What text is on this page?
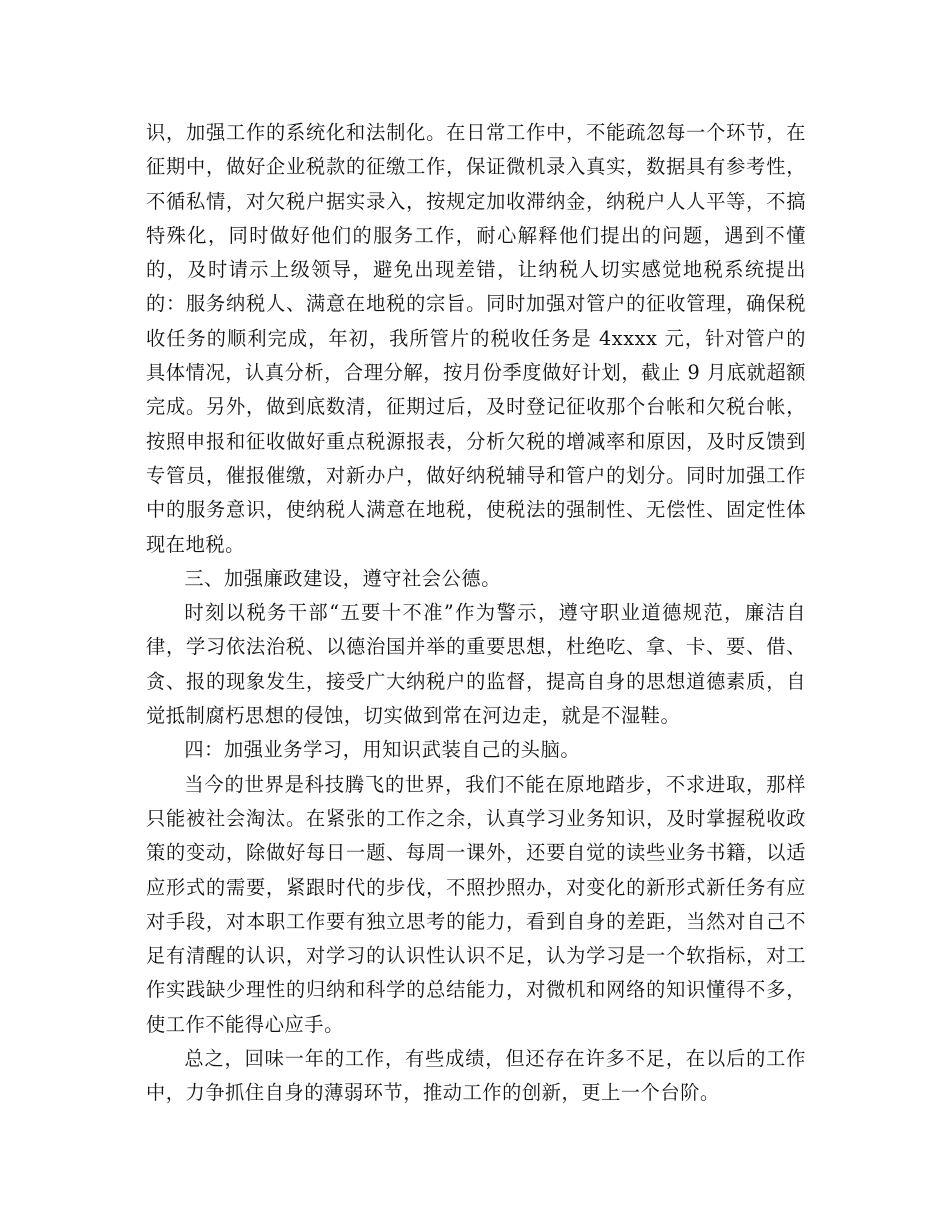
识，加强工作的系统化和法制化。在日常工作中，不能疏忽每一个环节，在征期中，做好企业税款的征缴工作，保证微机录入真实，数据具有参考性，不循私情，对欠税户据实录入，按规定加收滞纳金，纳税户人人平等，不搞特殊化，同时做好他们的服务工作，耐心解释他们提出的问题，遇到不懂的，及时请示上级领导，避免出现差错，让纳税人切实感觉地税系统提出的：服务纳税人、满意在地税的宗旨。同时加强对管户的征收管理，确保税收任务的顺利完成，年初，我所管片的税收任务是 4xxxx 元，针对管户的具体情况，认真分析，合理分解，按月份季度做好计划，截止 9 月底就超额完成。另外，做到底数清，征期过后，及时登记征收那个台帐和欠税台帐，按照申报和征收做好重点税源报表，分析欠税的增减率和原因，及时反馈到专管员，催报催缴，对新办户，做好纳税辅导和管户的划分。同时加强工作中的服务意识，使纳税人满意在地税，使税法的强制性、无偿性、固定性体现在地税。

三、加强廉政建设，遵守社会公德。

时刻以税务干部“五要十不准”作为警示，遵守职业道德规范，廉洁自律，学习依法治税、以德治国并举的重要思想，杜绝吃、拿、卡、要、借、贪、报的现象发生，接受广大纳税户的监督，提高自身的思想道德素质，自觉抵制腐朽思想的侵蚀，切实做到常在河边走，就是不湿鞋。

四：加强业务学习，用知识武装自己的头脑。

当今的世界是科技腾飞的世界，我们不能在原地踏步，不求进取，那样只能被社会淘汰。在紧张的工作之余，认真学习业务知识，及时掌握税收政策的变动，除做好每日一题、每周一课外，还要自觉的读些业务书籍，以适应形式的需要，紧跟时代的步伐，不照抄照办，对变化的新形式新任务有应对手段，对本职工作要有独立思考的能力，看到自身的差距，当然对自己不足有清醒的认识，对学习的认识性认识不足，认为学习是一个软指标，对工作实践缺少理性的归纳和科学的总结能力，对微机和网络的知识懂得不多，使工作不能得心应手。

总之，回味一年的工作，有些成绩，但还存在许多不足，在以后的工作中，力争抓住自身的薄弱环节，推动工作的创新，更上一个台阶。
